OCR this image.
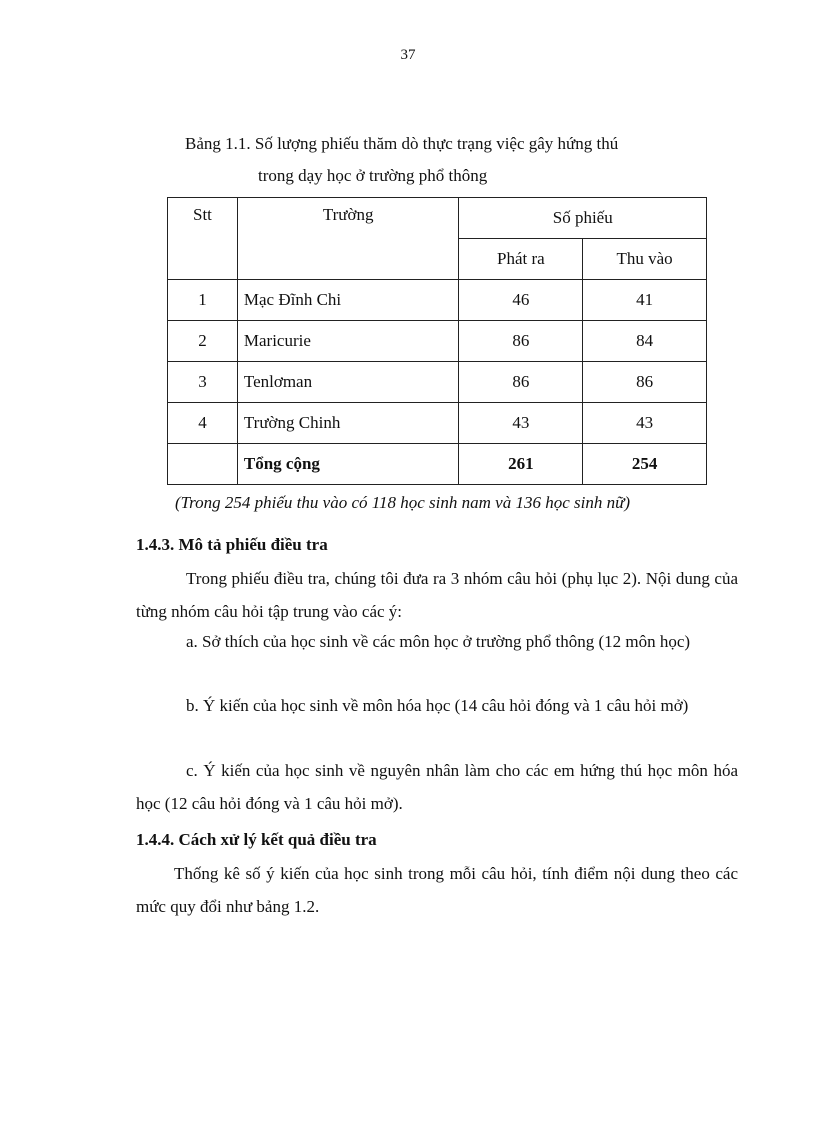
37
Bảng 1.1. Số lượng phiếu thăm dò thực trạng việc gây hứng thú
trong dạy học ở trường phổ thông
Stt	Trường	Số phiếu	
		Phát ra	Thu vào
1	Mạc Đĩnh Chi	46	41
2	Maricurie	86	84
3	Tenlơman	86	86
4	Trường Chinh	43	43
	Tổng cộng	261	254
(Trong 254 phiếu thu vào có 118 học sinh nam và 136 học sinh nữ)
1.4.3. Mô tả phiếu điều tra
Trong phiếu điều tra, chúng tôi đưa ra 3 nhóm câu hỏi (phụ lục 2). Nội dung của từng nhóm câu hỏi tập trung vào các ý:
a. Sở thích của học sinh về các môn học ở trường phổ thông (12 môn học)
b. Ý kiến của học sinh về môn hóa học (14 câu hỏi đóng và 1 câu hỏi mở)
c. Ý kiến của học sinh về nguyên nhân làm cho các em hứng thú học môn hóa học (12 câu hỏi đóng và 1 câu hỏi mở).
1.4.4. Cách xử lý kết quả điều tra
Thống kê số ý kiến của học sinh trong mỗi câu hỏi, tính điểm nội dung theo các mức quy đổi như bảng 1.2.
